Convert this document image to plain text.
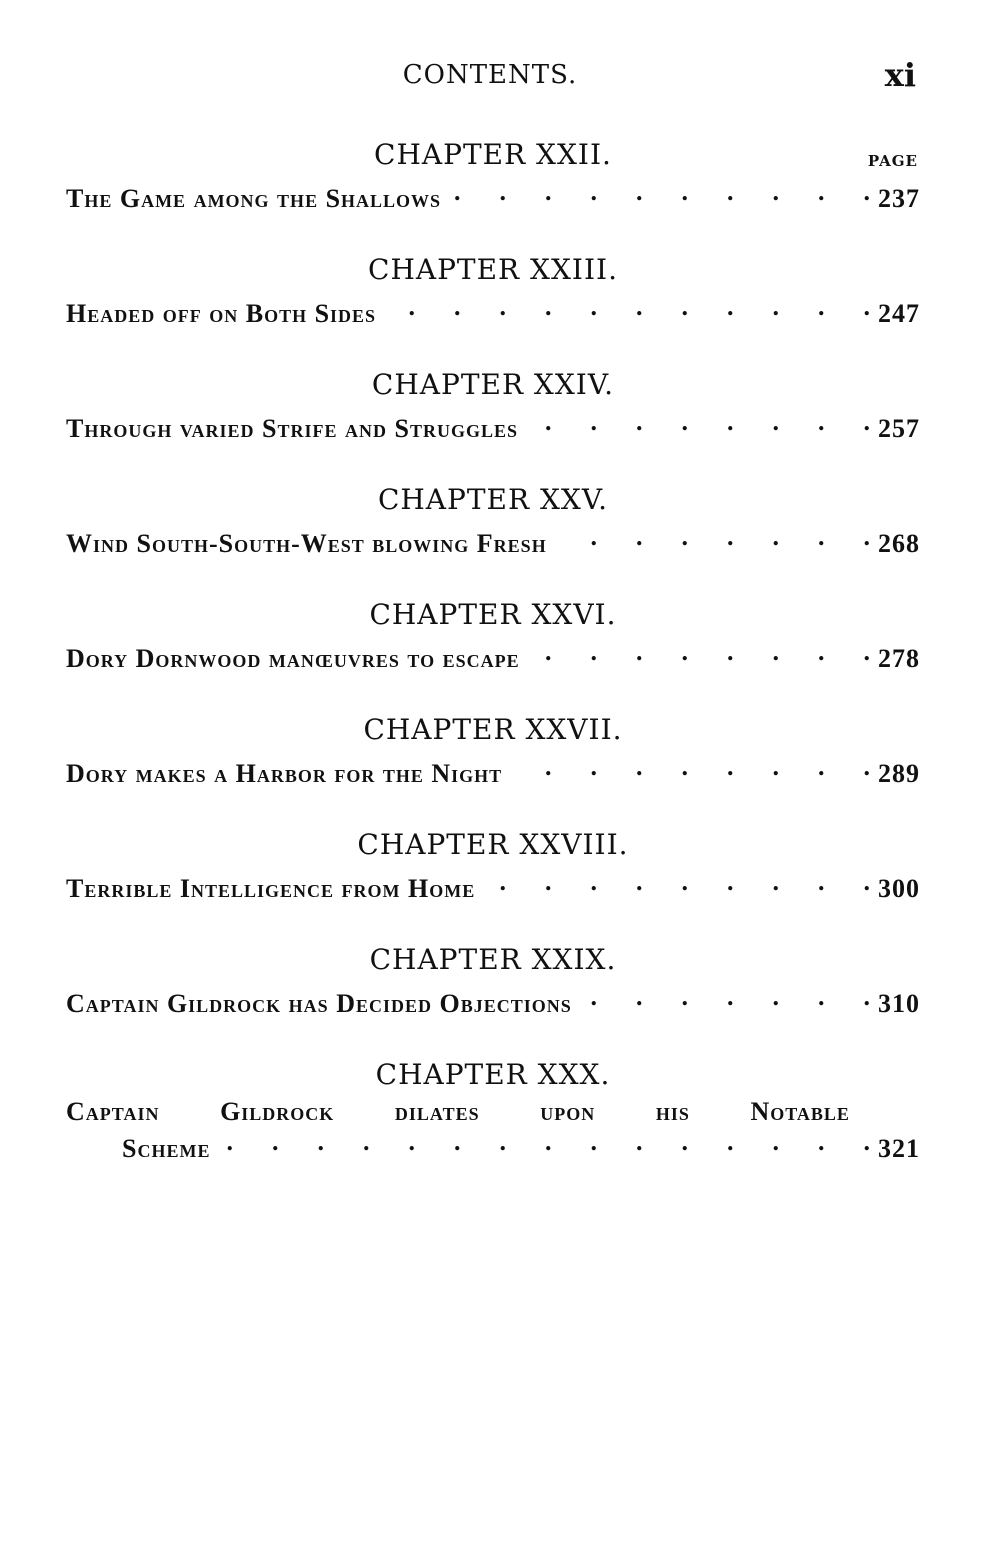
CONTENTS.	xi
PAGE
CHAPTER XXII.
The Game among the Shallows .	237
CHAPTER XXIII.
Headed off on Both Sides .	247
CHAPTER XXIV.
Through varied Strife and Struggles .	257
CHAPTER XXV.
Wind South-South-West blowing Fresh .	268
CHAPTER XXVI.
Dory Dornwood manœuvres to escape .	278
CHAPTER XXVII.
Dory makes a Harbor for the Night .	289
CHAPTER XXVIII.
Terrible Intelligence from Home .	300
CHAPTER XXIX.
Captain Gildrock has Decided Objections .	310
CHAPTER XXX.
Captain Gildrock dilates upon his Notable
Scheme .	321
